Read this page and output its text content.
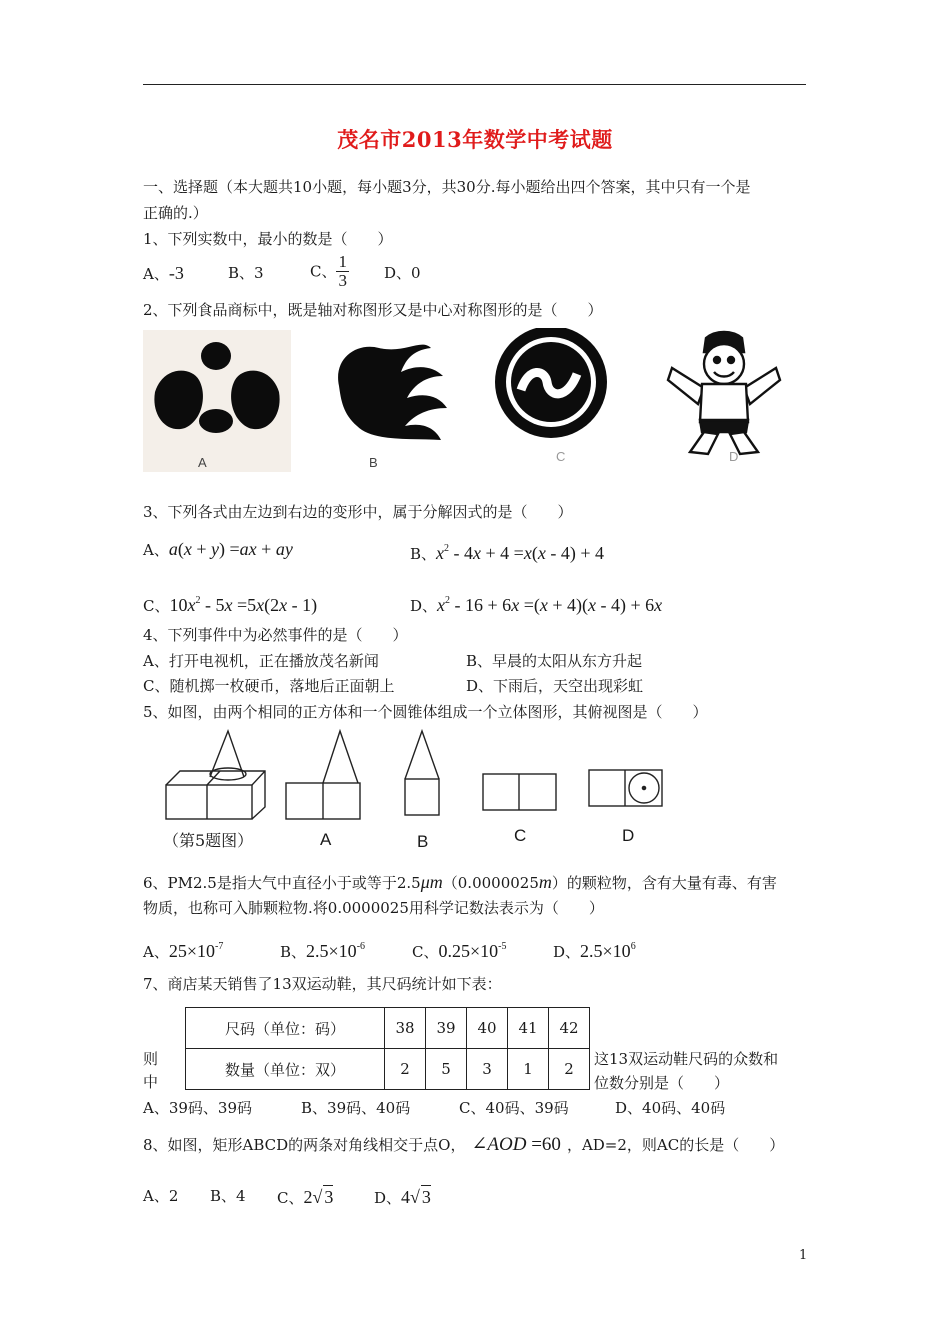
茂名市2013年数学中考试题
一、选择题（本大题共10小题，每小题3分，共30分.每小题给出四个答案，其中只有一个是
正确的.）
1、下列实数中，最小的数是（　　）
A、-3	B、3	C、 $\frac{1}{3}$ D、0
2、下列食品商标中，既是轴对称图形又是中心对称图形的是（　　）
A	B	C	D
3、下列各式由左边到右边的变形中，属于分解因式的是（　　）
A、a(x + y) =ax + ay	B、$x^2 - 4x + 4 =x(x - 4) + 4$
C、$10x^2 - 5x =5x(2x - 1)$	D、$x^2 - 16 + 6x =(x + 4)(x - 4) + 6x$
4、下列事件中为必然事件的是（　　）
A、打开电视机，正在播放茂名新闻	B、早晨的太阳从东方升起
C、随机掷一枚硬币，落地后正面朝上	D、下雨后，天空出现彩虹
5、如图，由两个相同的正方体和一个圆锥体组成一个立体图形，其俯视图是（　　）
（第5题图）	A	B	C	D
6、PM2.5是指大气中直径小于或等于2.5μm（0.0000025m）的颗粒物，含有大量有毒、有害
物质，也称可入肺颗粒物.将0.0000025用科学记数法表示为（　　）
A、$25\times 10^{-7}$	B、$2.5\times 10^{-6}$	C、$0.25\times 10^{-5}$	D、$2.5\times 10^6$
7、商店某天销售了13双运动鞋，其尺码统计如下表：
则
中
尺码（单位：码）	38	39	40	41	42
数量（单位：双）	2	5	3	1	2
这13双运动鞋尺码的众数和
位数分别是（　　）
A、39码、39码	B、39码、40码	C、40码、39码	D、40码、40码
8、如图，矩形ABCD的两条对角线相交于点O， ∠AOD =60 ，AD=2，则AC的长是（　　）
A、2 B、4 C、2√ 3	D、4√ 3
1
